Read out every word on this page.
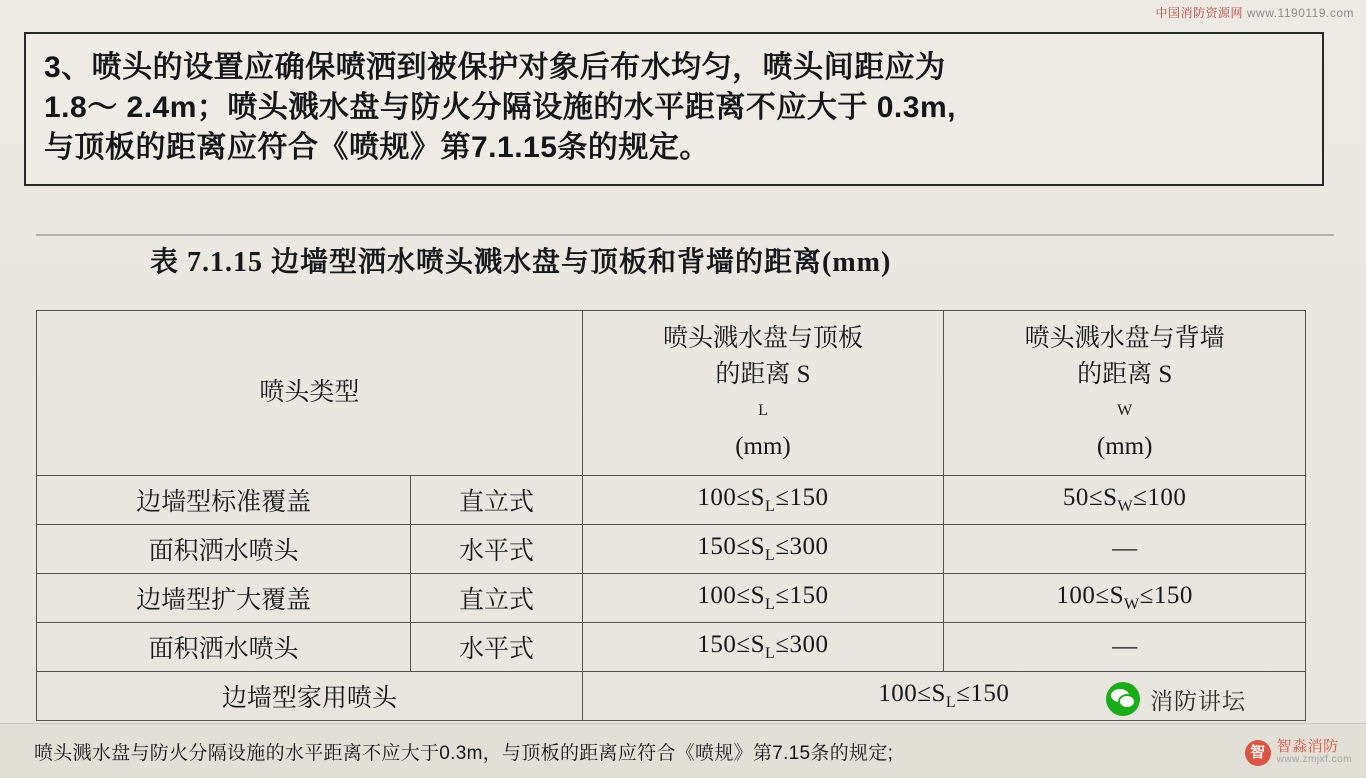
中国消防资源网 www.1190119.com
3、喷头的设置应确保喷洒到被保护对象后布水均匀，喷头间距应为
1.8～ 2.4m；喷头溅水盘与防火分隔设施的水平距离不应大于 0.3m,
与顶板的距离应符合《喷规》第7.1.15条的规定。
表 7.1.15 边墙型洒水喷头溅水盘与顶板和背墙的距离(mm)
喷头类型		喷头溅水盘与顶板
的距离 S
L
(mm)	喷头溅水盘与背墙
的距离 S
W
(mm)

边墙型标准覆盖	直立式	$100\le S_L\le 150$	$50\le S_W\le 100$
面积洒水喷头	水平式	$150\le S_L\le 300$	—
边墙型扩大覆盖	直立式	$100\le S_L\le 150$	$100\le S_W\le 150$
面积洒水喷头	水平式	$150\le S_L\le 300$	—
边墙型家用喷头		$100\le S_L\le 150$		消防讲坛
喷头溅水盘与防火分隔设施的水平距离不应大于0.3m，与顶板的距离应符合《喷规》第7.15条的规定;	智 智淼消防
www.zmjxf.com
